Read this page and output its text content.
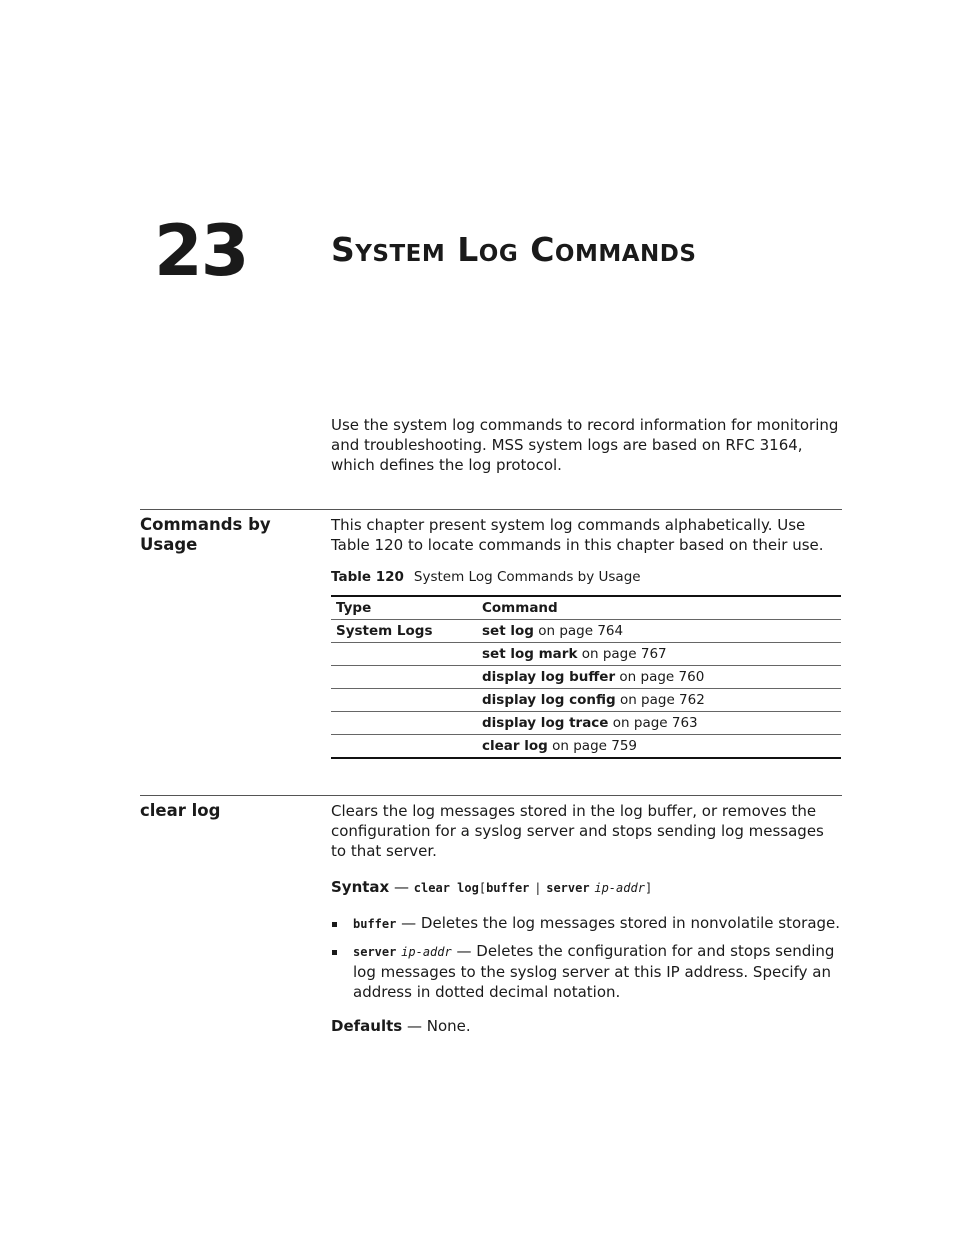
23	System Log Commands
Use the system log commands to record information for monitoring and troubleshooting. MSS system logs are based on RFC 3164, which defines the log protocol.
Commands by Usage
This chapter present system log commands alphabetically. Use Table 120 to locate commands in this chapter based on their use.
Table 120 System Log Commands by Usage
Type	Command
System Logs	set log on page 764
	set log mark on page 767
	display log buffer on page 760
	display log config on page 762
	display log trace on page 763
	clear log on page 759
clear log	Clears the log messages stored in the log buffer, or removes the configuration for a syslog server and stops sending log messages to that server.
Syntax — clear log[buffer | server ip-addr]
buffer — Deletes the log messages stored in nonvolatile storage.
server ip-addr — Deletes the configuration for and stops sending log messages to the syslog server at this IP address. Specify an address in dotted decimal notation.
Defaults — None.
